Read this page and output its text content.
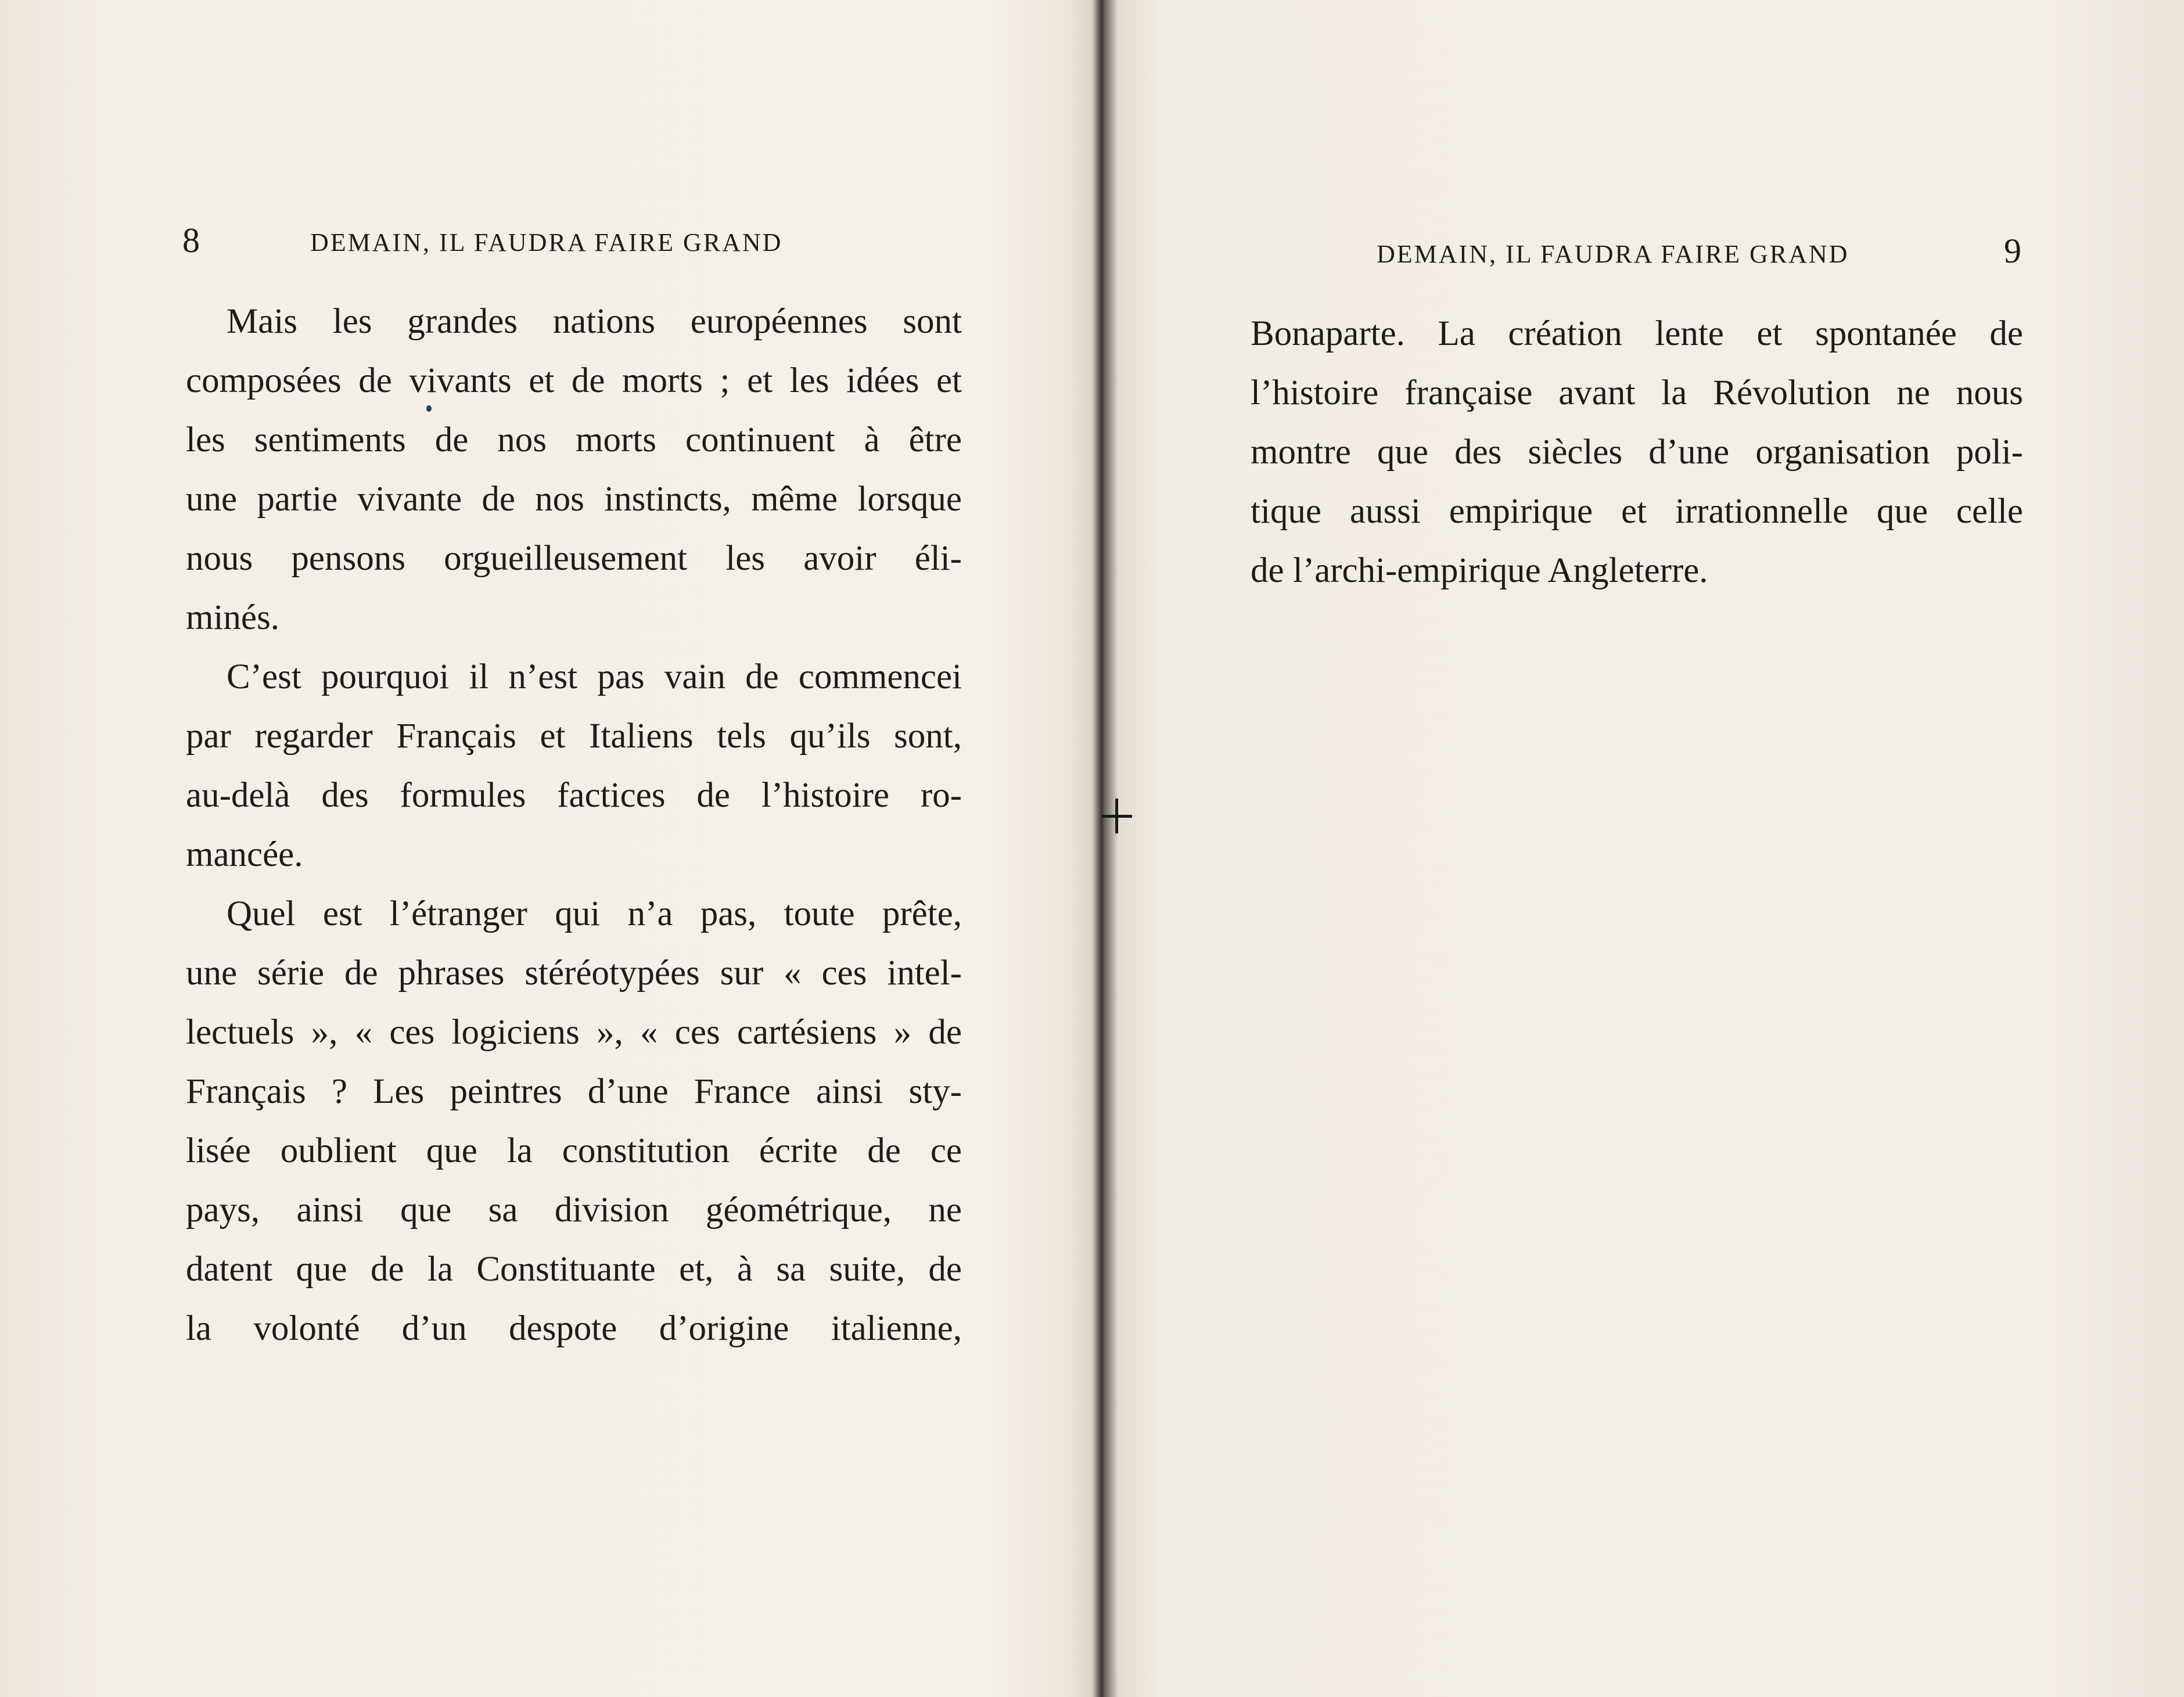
8	DEMAIN, IL FAUDRA FAIRE GRAND
Mais les grandes nations européennes sont
composées de vivants et de morts ; et les idées et
les sentiments de nos morts continuent à être
une partie vivante de nos instincts, même lorsque
nous pensons orgueilleusement les avoir éli-
minés.
C’est pourquoi il n’est pas vain de commencei
par regarder Français et Italiens tels qu’ils sont,
au-delà des formules factices de l’histoire ro-
mancée.
Quel est l’étranger qui n’a pas, toute prête,
une série de phrases stéréotypées sur « ces intel-
lectuels », « ces logiciens », « ces cartésiens » de
Français ? Les peintres d’une France ainsi sty-
lisée oublient que la constitution écrite de ce
pays, ainsi que sa division géométrique, ne
datent que de la Constituante et, à sa suite, de
la volonté d’un despote d’origine italienne,
DEMAIN, IL FAUDRA FAIRE GRAND	9
Bonaparte. La création lente et spontanée de
l’histoire française avant la Révolution ne nous
montre que des siècles d’une organisation poli-
tique aussi empirique et irrationnelle que celle
de l’archi-empirique Angleterre.
